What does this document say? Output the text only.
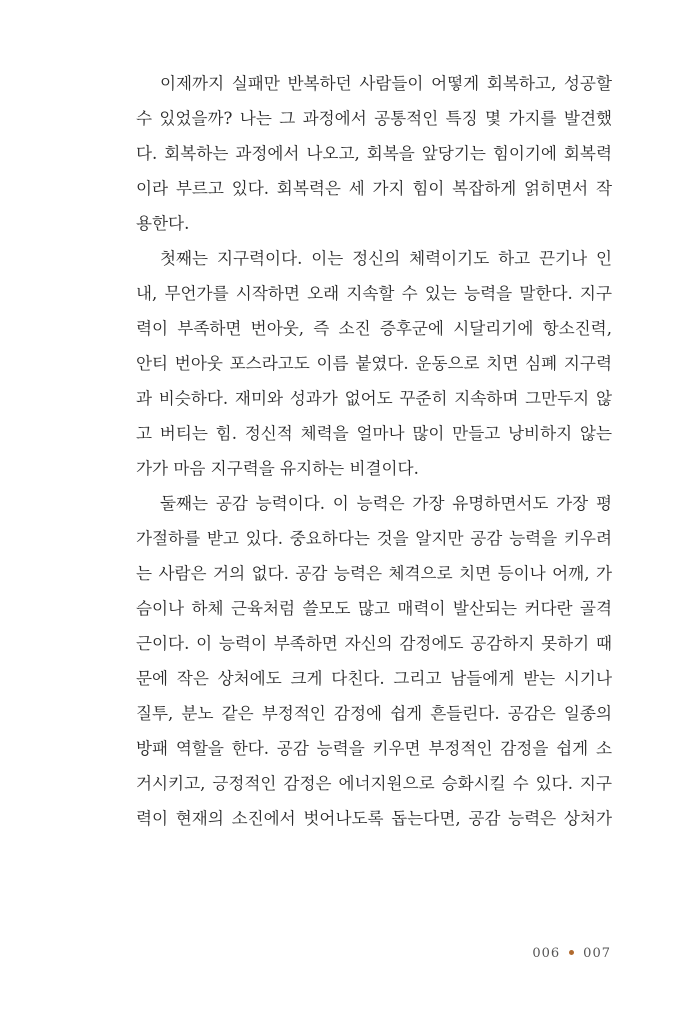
이제까지 실패만 반복하던 사람들이 어떻게 회복하고, 성공할
수 있었을까? 나는 그 과정에서 공통적인 특징 몇 가지를 발견했
다. 회복하는 과정에서 나오고, 회복을 앞당기는 힘이기에 회복력
이라 부르고 있다. 회복력은 세 가지 힘이 복잡하게 얽히면서 작
용한다.
첫째는 지구력이다. 이는 정신의 체력이기도 하고 끈기나 인
내, 무언가를 시작하면 오래 지속할 수 있는 능력을 말한다. 지구
력이 부족하면 번아웃, 즉 소진 증후군에 시달리기에 항소진력,
안티 번아웃 포스라고도 이름 붙였다. 운동으로 치면 심폐 지구력
과 비슷하다. 재미와 성과가 없어도 꾸준히 지속하며 그만두지 않
고 버티는 힘. 정신적 체력을 얼마나 많이 만들고 낭비하지 않는
가가 마음 지구력을 유지하는 비결이다.
둘째는 공감 능력이다. 이 능력은 가장 유명하면서도 가장 평
가절하를 받고 있다. 중요하다는 것을 알지만 공감 능력을 키우려
는 사람은 거의 없다. 공감 능력은 체격으로 치면 등이나 어깨, 가
슴이나 하체 근육처럼 쓸모도 많고 매력이 발산되는 커다란 골격
근이다. 이 능력이 부족하면 자신의 감정에도 공감하지 못하기 때
문에 작은 상처에도 크게 다친다. 그리고 남들에게 받는 시기나
질투, 분노 같은 부정적인 감정에 쉽게 흔들린다. 공감은 일종의
방패 역할을 한다. 공감 능력을 키우면 부정적인 감정을 쉽게 소
거시키고, 긍정적인 감정은 에너지원으로 승화시킬 수 있다. 지구
력이 현재의 소진에서 벗어나도록 돕는다면, 공감 능력은 상처가
006 007
